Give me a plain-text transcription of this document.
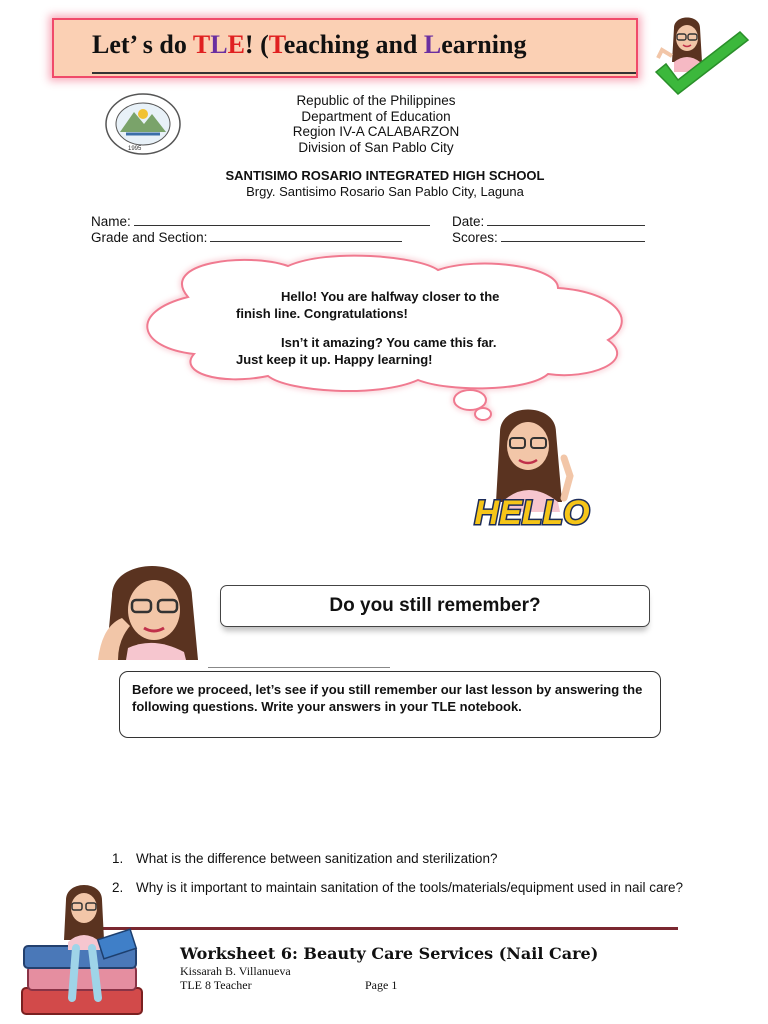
Let’ s do TLE! (Teaching and Learning
1995
Republic of the Philippines
Department of Education
Region IV-A CALABARZON
Division of San Pablo City
SANTISIMO ROSARIO INTEGRATED HIGH SCHOOL
Brgy. Santisimo Rosario San Pablo City, Laguna
Name:	Date:
Grade and Section:	Scores:
Hello! You are halfway closer to the
finish line. Congratulations!
Isn’t it amazing? You came this far.
Just keep it up. Happy learning!
HELLO
Do you still remember?
Before we proceed, let’s see if you still remember our last lesson by answering the following questions. Write your answers in your TLE notebook.
1. What is the difference between sanitization and sterilization?
2. Why is it important to maintain sanitation of the tools/materials/equipment used in nail care?
Worksheet 6: Beauty Care Services (Nail Care)
Kissarah B. Villanueva
TLE 8 Teacher	Page 1
